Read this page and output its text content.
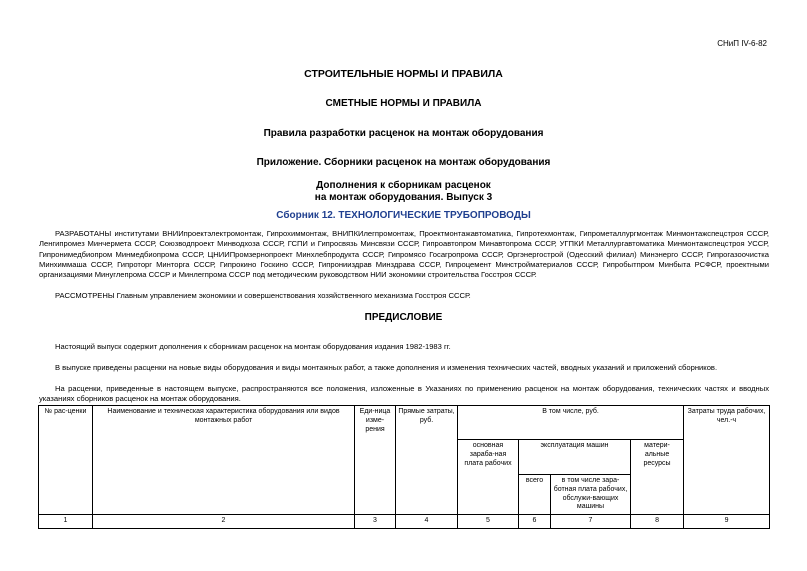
СНиП IV-6-82
СТРОИТЕЛЬНЫЕ НОРМЫ И ПРАВИЛА
СМЕТНЫЕ НОРМЫ И ПРАВИЛА
Правила разработки расценок на монтаж оборудования
Приложение. Сборники расценок на монтаж оборудования
Дополнения к сборникам расценок
на монтаж оборудования. Выпуск 3
Сборник 12. ТЕХНОЛОГИЧЕСКИЕ ТРУБОПРОВОДЫ
РАЗРАБОТАНЫ институтами ВНИИпроектэлектромонтаж, Гипрохиммонтаж, ВНИПКИлегпромонтаж, Проектмонтажавтоматика, Гипротехмонтаж, Гипрометаллургмонтаж Минмонтажспецстроя СССР, Ленгипромез Минчермета СССР, Союзводпроект Минводхоза СССР, ГСПИ и Гипросвязь Минсвязи СССР, Гипроавтопром Минавтопрома СССР, УГПКИ Металлургавтоматика Минмонтажспецстроя УССР, Гипронимедбиопром Минмедбиопрома СССР, ЦНИИПромзернопроект Минхлебпродукта СССР, Гипромясо Госагропрома СССР, Оргэнергострой (Одесский филиал) Минэнерго СССР, Гипрогазоочистка Минхиммаша СССР, Гипроторг Минторга СССР, Гипрокино Госкино СССР, Гипронииздрав Минздрава СССР, Гипроцемент Минстройматериалов СССР, Гипробытпром Минбыта РСФСР, проектными организациями Минуглепрома СССР и Минлегпрома СССР под методическим руководством НИИ экономики строительства Госстроя СССР.
РАССМОТРЕНЫ Главным управлением экономики и совершенствования хозяйственного механизма Госстроя СССР.
ПРЕДИСЛОВИЕ
Настоящий выпуск содержит дополнения к сборникам расценок на монтаж оборудования издания 1982-1983 гг.
В выпуске приведены расценки на новые виды оборудования и виды монтажных работ, а также дополнения и изменения технических частей, вводных указаний и приложений сборников.
На расценки, приведенные в настоящем выпуске, распространяются все положения, изложенные в Указаниях по применению расценок на монтаж оборудования, технических частях и вводных указаниях сборников расценок на монтаж оборудования.
№ рас-ценки	Наименование и техническая характеристика оборудования или видов монтажных работ	Еди-ница изме-рения	Прямые затраты, руб.	В том числе, руб.				Затраты труда рабочих, чел.-ч
				основная зараба-ная плата рабочих	эксплуатация машин		матери-альные ресурсы	
					всего	в том числе зара-ботная плата рабочих, обслужи-вающих машины		
1	2	3	4	5	6	7	8	9
